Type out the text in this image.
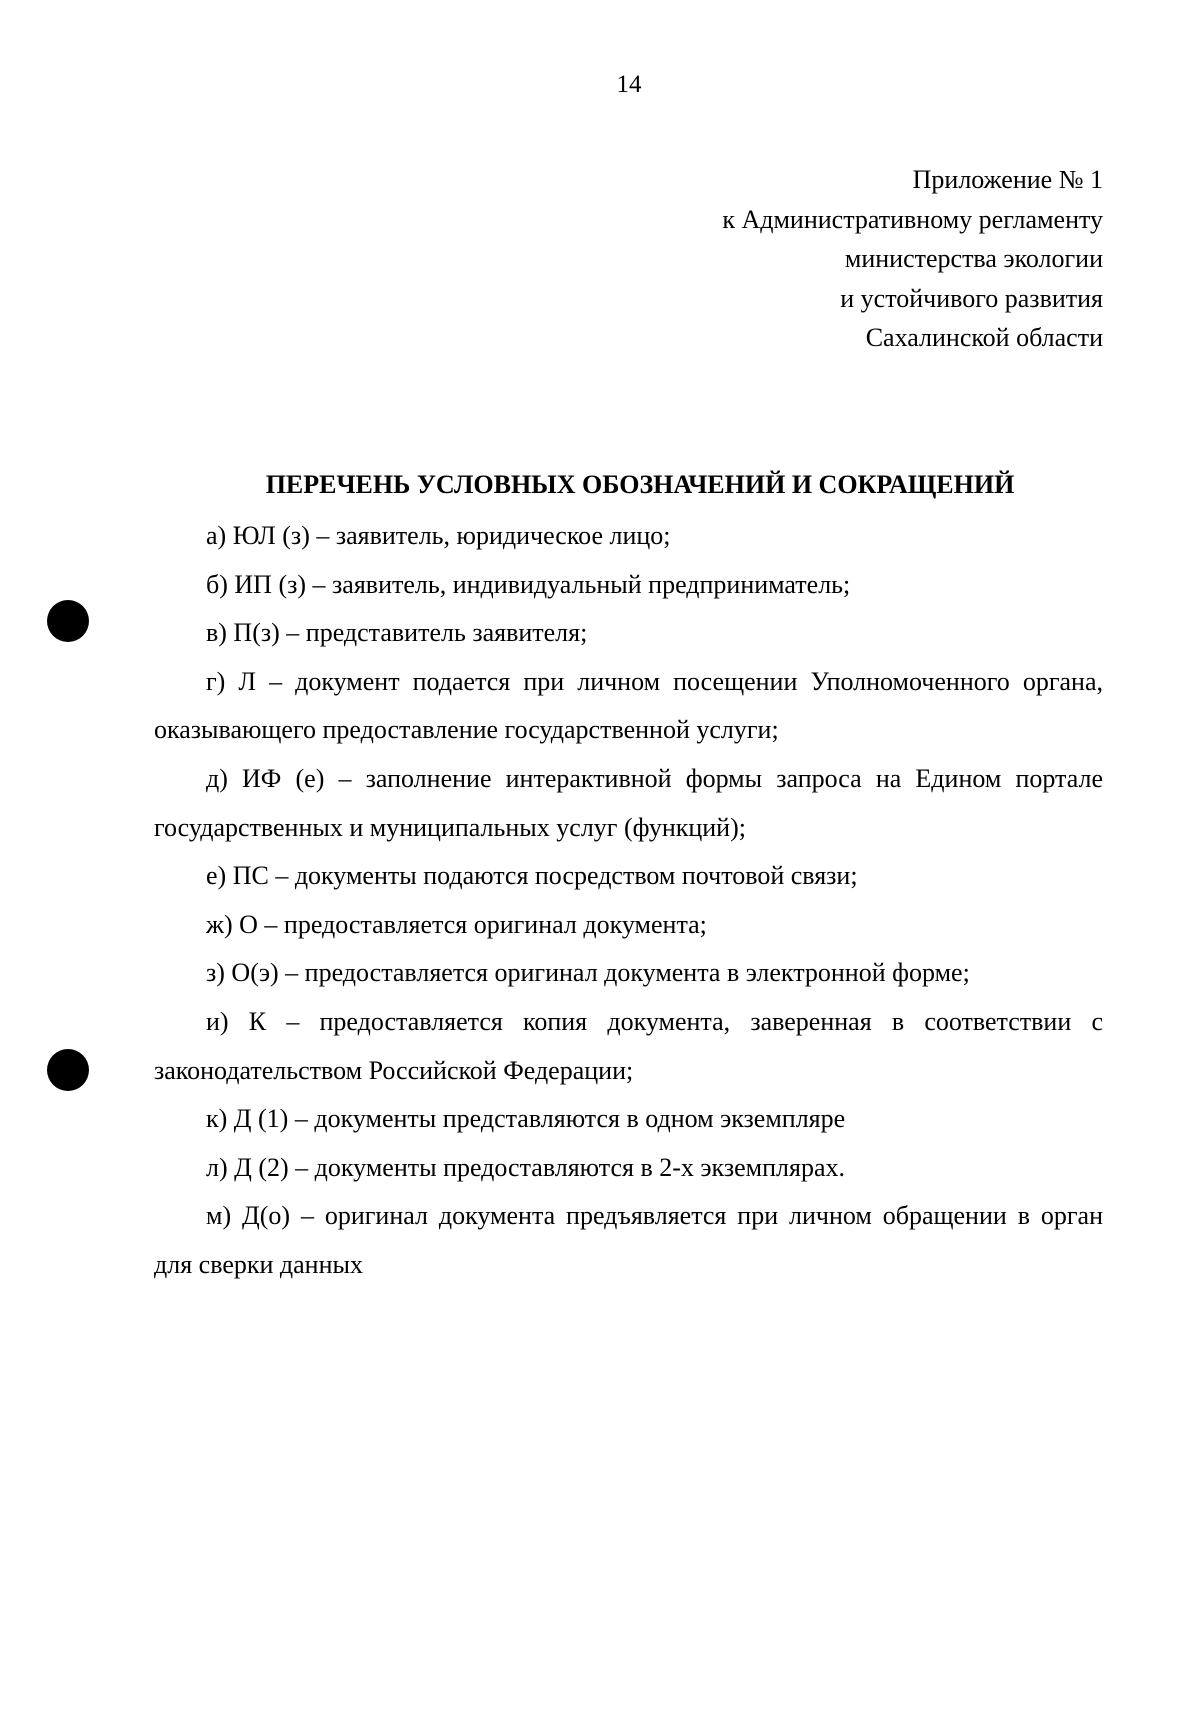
14
Приложение № 1
к Административному регламенту
министерства экологии
и устойчивого развития
Сахалинской области
ПЕРЕЧЕНЬ УСЛОВНЫХ ОБОЗНАЧЕНИЙ И СОКРАЩЕНИЙ

а) ЮЛ (з) – заявитель, юридическое лицо;

б) ИП (з) – заявитель, индивидуальный предприниматель;

в) П(з) – представитель заявителя;

г) Л – документ подается при личном посещении Уполномоченного органа, оказывающего предоставление государственной услуги;

д) ИФ (е) – заполнение интерактивной формы запроса на Едином портале государственных и муниципальных услуг (функций);

е) ПС – документы подаются посредством почтовой связи;

ж) О – предоставляется оригинал документа;

з) О(э) – предоставляется оригинал документа в электронной форме;

и) К – предоставляется копия документа, заверенная в соответствии с законодательством Российской Федерации;

к) Д (1) – документы представляются в одном экземпляре

л) Д (2) – документы предоставляются в 2-х экземплярах.

м) Д(о) – оригинал документа предъявляется при личном обращении в орган для сверки данных
